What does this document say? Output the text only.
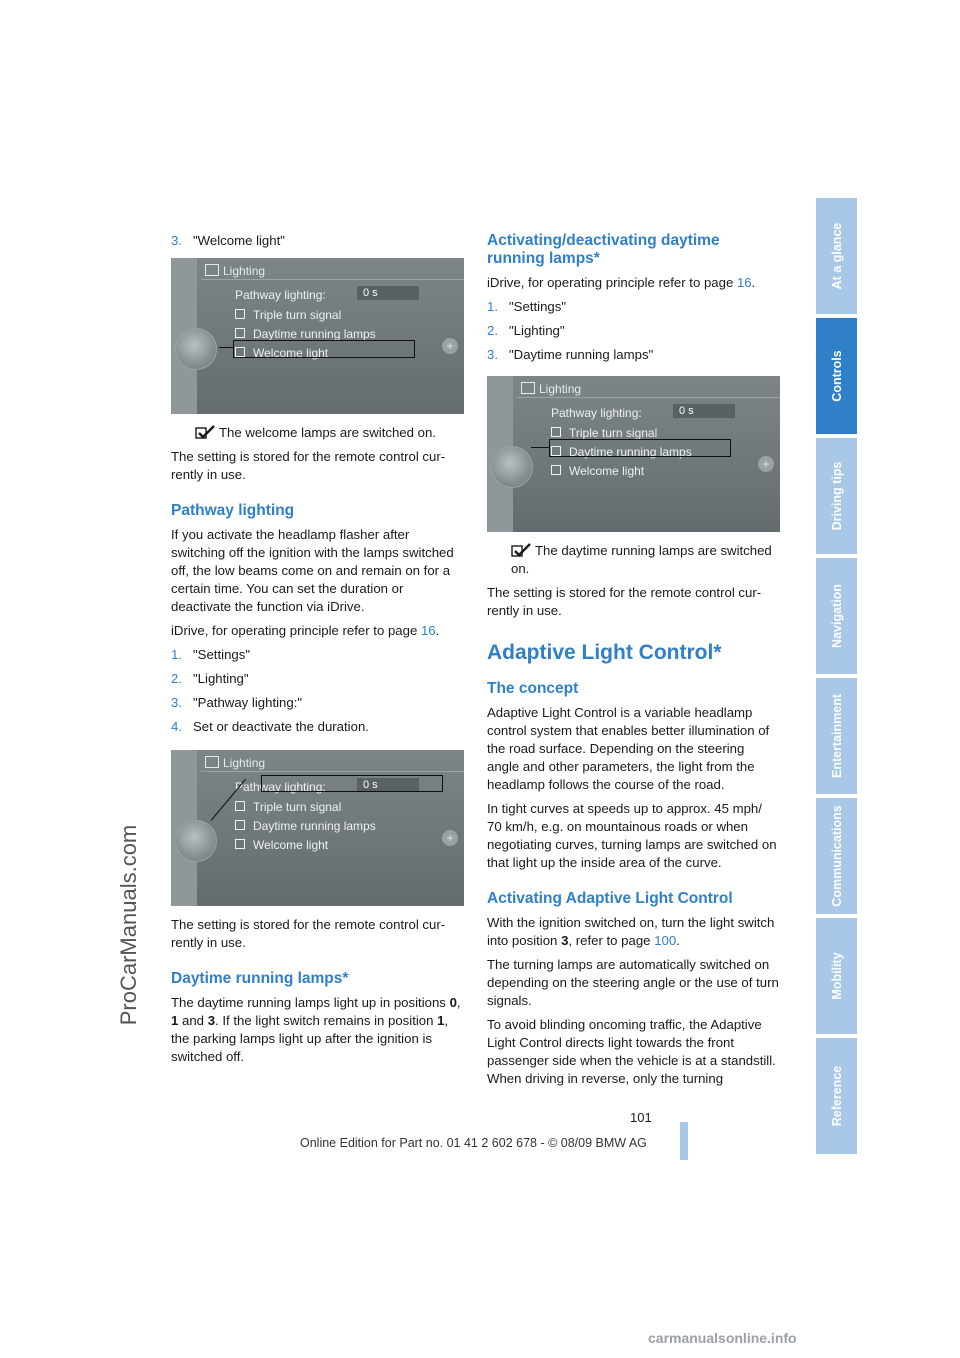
ProCarManuals.com

3. "Welcome light"

+
Lighting
Pathway lighting:	0 s
Triple turn signal
Daytime running lamps
Welcome light

The welcome lamps are switched on.

The setting is stored for the remote control currently in use.

Pathway lighting

If you activate the headlamp flasher after switching off the ignition with the lamps switched off, the low beams come on and remain on for a certain time. You can set the duration or deactivate the function via iDrive.

iDrive, for operating principle refer to page 16.

1. "Settings"

2. "Lighting"

3. "Pathway lighting:"

4. Set or deactivate the duration.

+
Lighting
Pathway lighting:	0 s
Triple turn signal
Daytime running lamps
Welcome light

The setting is stored for the remote control currently in use.

Daytime running lamps*

The daytime running lamps light up in positions 0, 1 and 3. If the light switch remains in position 1, the parking lamps light up after the ignition is switched off.

Activating/deactivating daytime running lamps*

iDrive, for operating principle refer to page 16.

1. "Settings"

2. "Lighting"

3. "Daytime running lamps"

+
Lighting
Pathway lighting:	0 s
Triple turn signal
Daytime running lamps
Welcome light

The daytime running lamps are switched on.

The setting is stored for the remote control currently in use.

Adaptive Light Control*
The concept

Adaptive Light Control is a variable headlamp control system that enables better illumination of the road surface. Depending on the steering angle and other parameters, the light from the headlamp follows the course of the road.

In tight curves at speeds up to approx. 45 mph/ 70 km/h, e.g. on mountainous roads or when negotiating curves, turning lamps are switched on that light up the inside area of the curve.

Activating Adaptive Light Control

With the ignition switched on, turn the light switch into position 3, refer to page 100.

The turning lamps are automatically switched on depending on the steering angle or the use of turn signals.

To avoid blinding oncoming traffic, the Adaptive Light Control directs light towards the front passenger side when the vehicle is at a standstill. When driving in reverse, only the turning

At a glance
Controls
Driving tips
Navigation
Entertainment
Communications
Mobility
Reference
101
Online Edition for Part no. 01 41 2 602 678 - © 08/09 BMW AG
carmanualsonline.info
